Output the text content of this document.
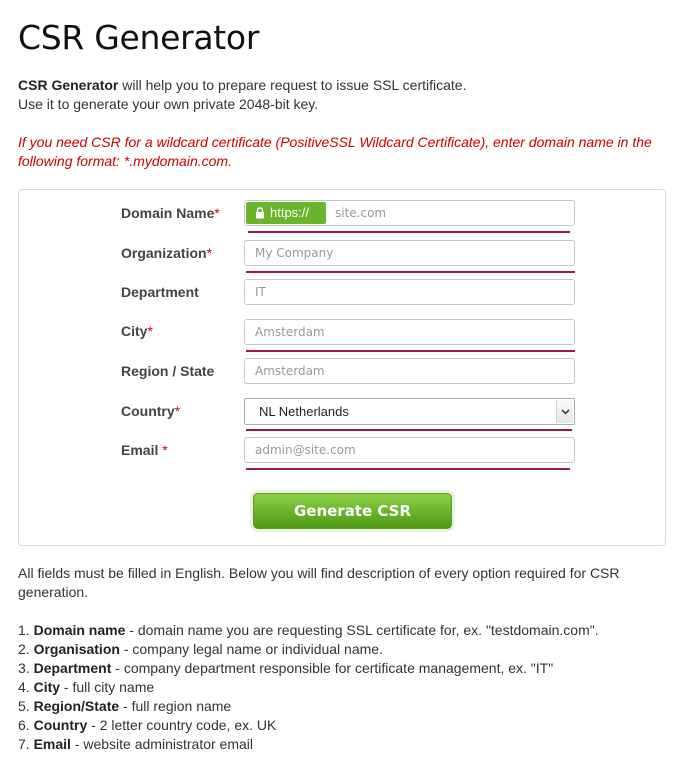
CSR Generator
CSR Generator will help you to prepare request to issue SSL certificate.
Use it to generate your own private 2048-bit key.
If you need CSR for a wildcard certificate (PositiveSSL Wildcard Certificate), enter domain name in the following format: *.mydomain.com.
Domain Name*	https://	site.com
Organization*	My Company
Department	IT
City*	Amsterdam
Region / State	Amsterdam
Country*	NL Netherlands
Email *	admin@site.com
Generate CSR
All fields must be filled in English. Below you will find description of every option required for CSR generation.
1. Domain name - domain name you are requesting SSL certificate for, ex. "testdomain.com".
2. Organisation - company legal name or individual name.
3. Department - company department responsible for certificate management, ex. "IT"
4. City - full city name
5. Region/State - full region name
6. Country - 2 letter country code, ex. UK
7. Email - website administrator email
